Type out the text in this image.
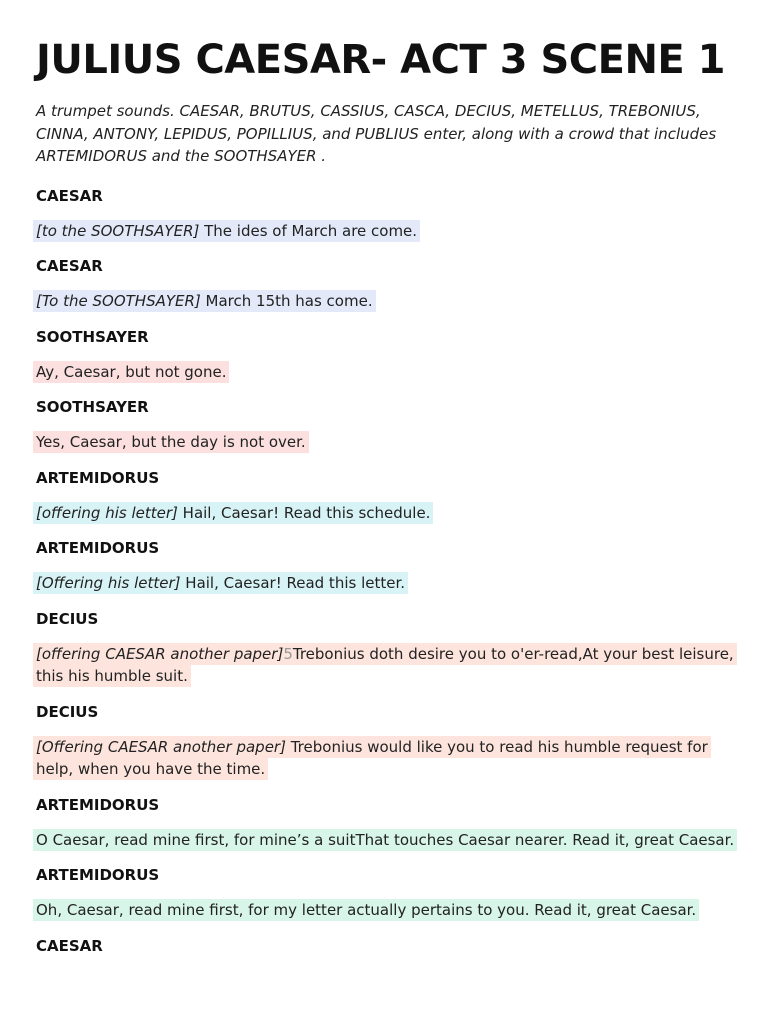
JULIUS CAESAR- ACT 3 SCENE 1

A trumpet sounds. CAESAR, BRUTUS, CASSIUS, CASCA, DECIUS, METELLUS, TREBONIUS, CINNA, ANTONY, LEPIDUS, POPILLIUS, and PUBLIUS enter, along with a crowd that includes ARTEMIDORUS and the SOOTHSAYER .

CAESAR

[to the SOOTHSAYER] The ides of March are come.

CAESAR

[To the SOOTHSAYER] March 15th has come.

SOOTHSAYER

Ay, Caesar, but not gone.

SOOTHSAYER

Yes, Caesar, but the day is not over.

ARTEMIDORUS

[offering his letter] Hail, Caesar! Read this schedule.

ARTEMIDORUS

[Offering his letter] Hail, Caesar! Read this letter.

DECIUS

[offering CAESAR another paper]5Trebonius doth desire you to o'er-read,At your best leisure, this his humble suit.

DECIUS

[Offering CAESAR another paper] Trebonius would like you to read his humble request for help, when you have the time.

ARTEMIDORUS

O Caesar, read mine first, for mine’s a suitThat touches Caesar nearer. Read it, great Caesar.

ARTEMIDORUS

Oh, Caesar, read mine first, for my letter actually pertains to you. Read it, great Caesar.

CAESAR
